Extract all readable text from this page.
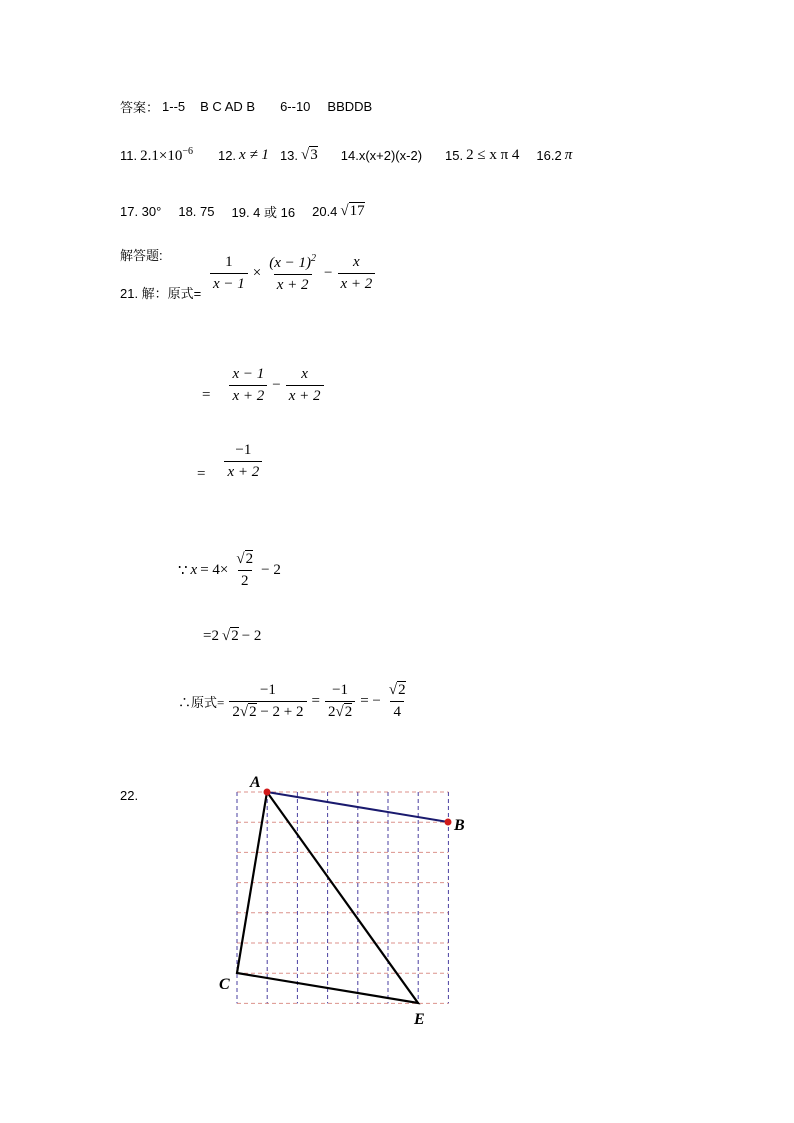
答案： 1--5 B C AD B 6--10 BBDDB
11. $2.1\times 10^{-6}$ 12. x ≠ 1 13. √3 14.x(x+2)(x-2) 15. 2 ≤ x π 4 16.2 π
17. 30° 18. 75 19. 4 或 16 20.4 √17
解答题:
21. 解：原式=
$\frac{1}{x - 1} \times \frac{(x - 1)^2}{x + 2} - \frac{x}{x + 2}$
= $\frac{x - 1}{x + 2} - \frac{x}{x + 2}$
= $\frac{-1}{x + 2}$
∵ $x = 4\times \frac{√2}{2} - 2$
=2 √2 − 2
∴原式= $\frac{-1}{2√2 - 2 + 2} = \frac{-1}{2√2}$ = − $\frac{√2}{4}$
22.
A
B
C
E
